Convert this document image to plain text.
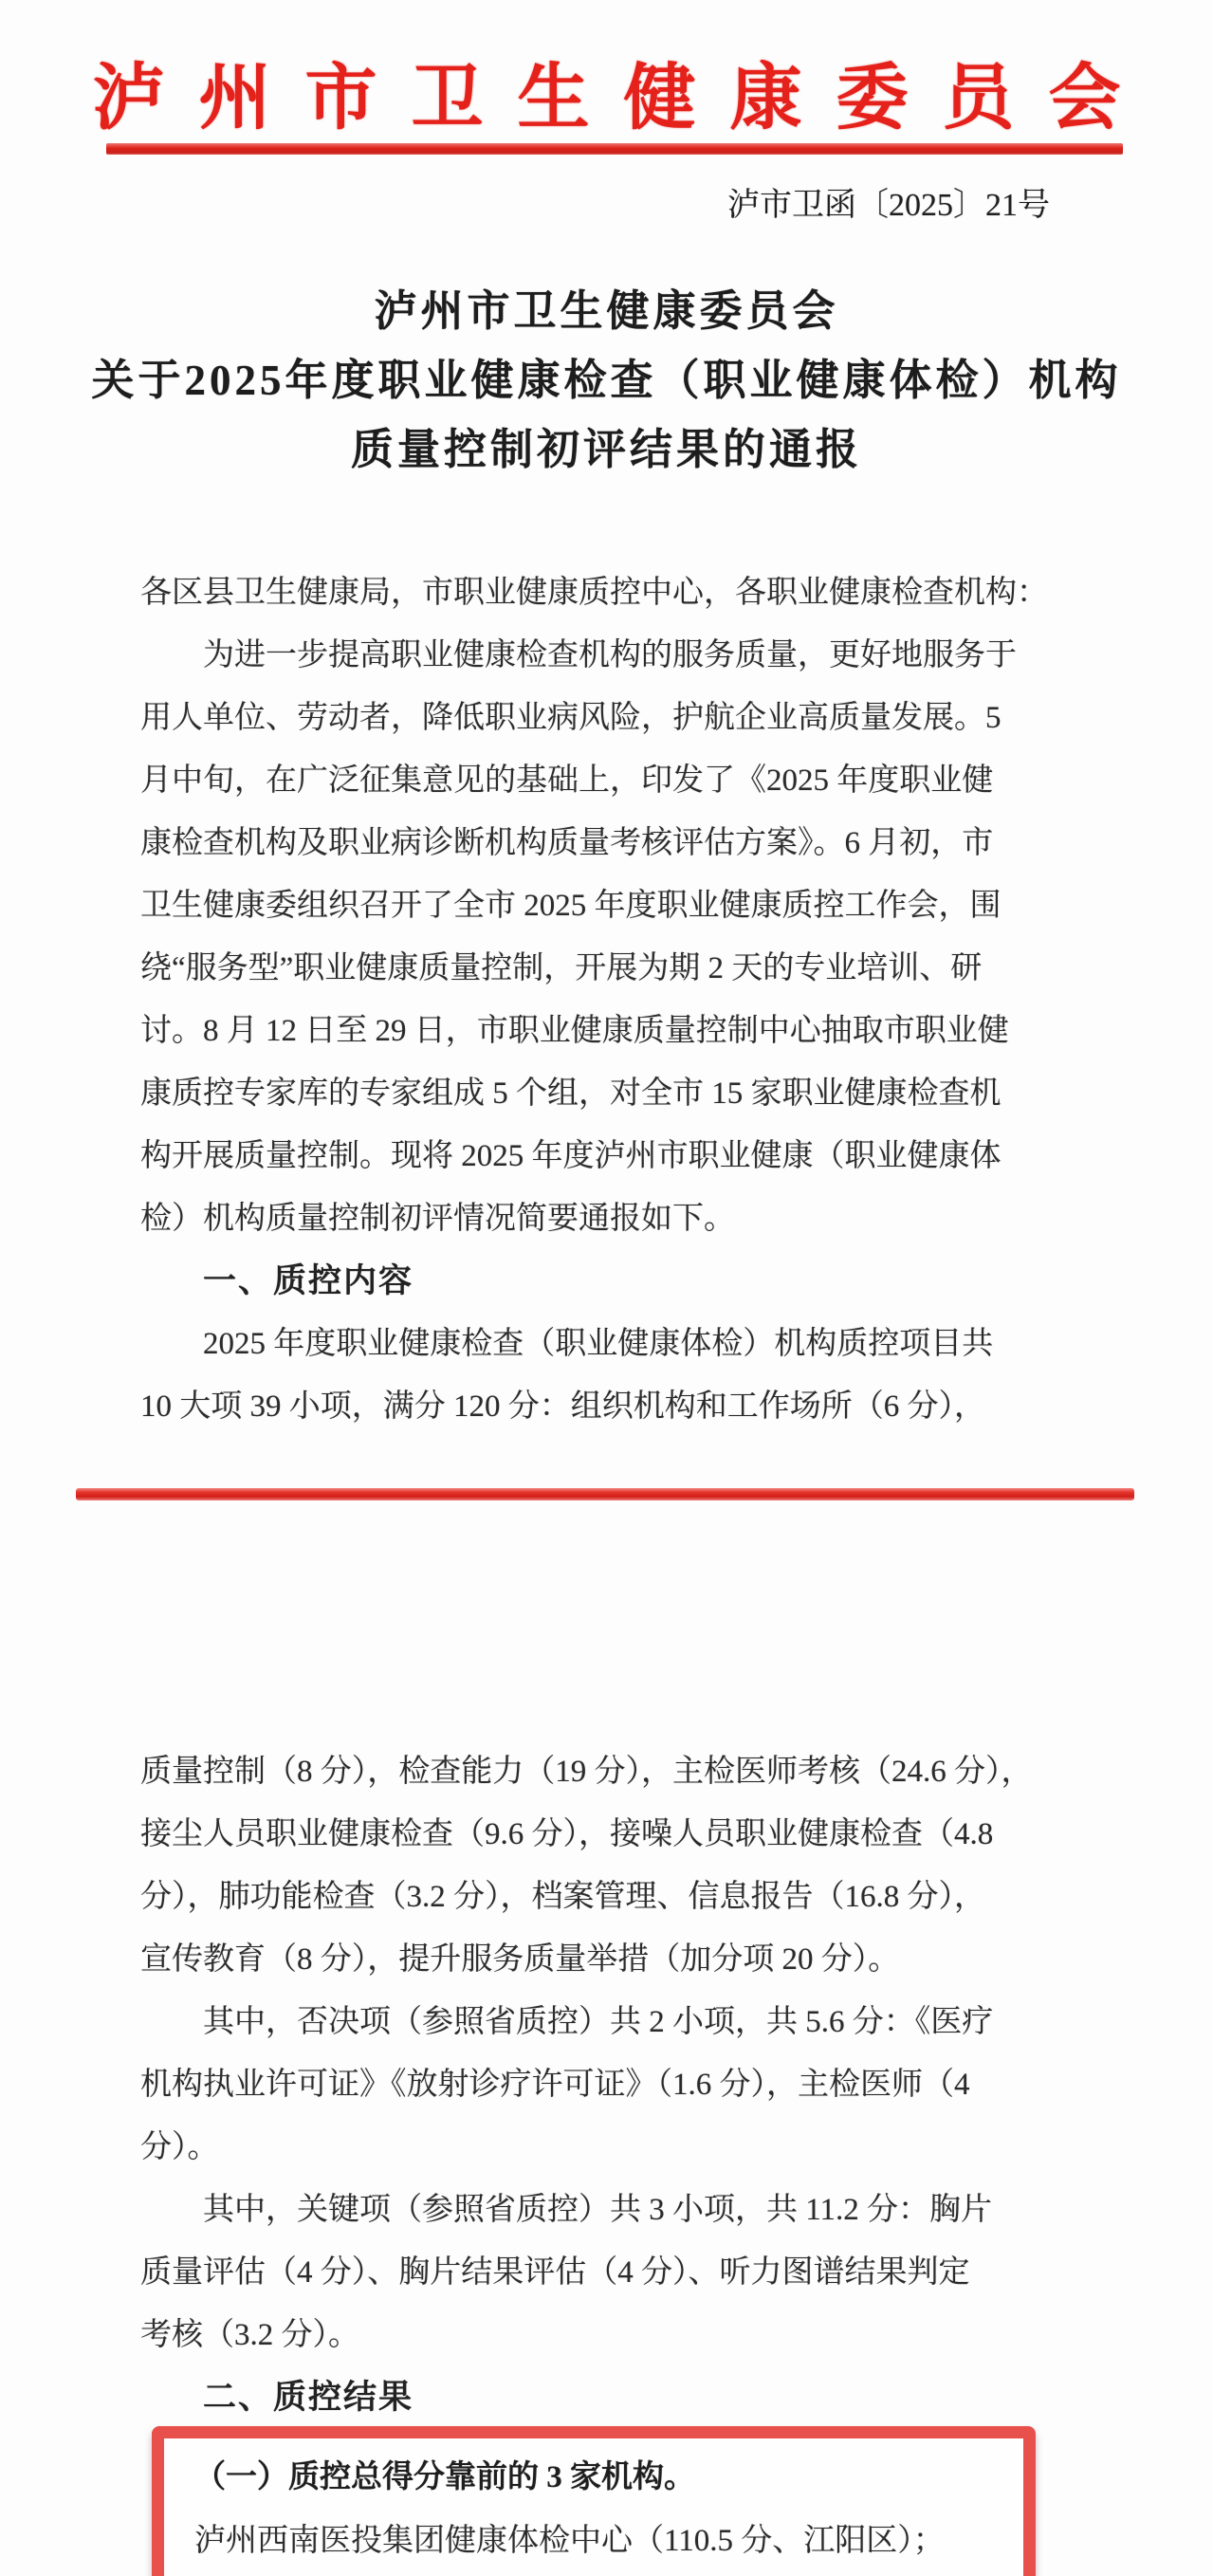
泸州市卫生健康委员会
泸市卫函〔2025〕21号
泸州市卫生健康委员会
关于2025年度职业健康检查（职业健康体检）机构
质量控制初评结果的通报
各区县卫生健康局，市职业健康质控中心，各职业健康检查机构：
为进一步提高职业健康检查机构的服务质量，更好地服务于
用人单位、劳动者，降低职业病风险，护航企业高质量发展。5
月中旬，在广泛征集意见的基础上，印发了《2025 年度职业健
康检查机构及职业病诊断机构质量考核评估方案》。6 月初，市
卫生健康委组织召开了全市 2025 年度职业健康质控工作会，围
绕“服务型”职业健康质量控制，开展为期 2 天的专业培训、研
讨。8 月 12 日至 29 日，市职业健康质量控制中心抽取市职业健
康质控专家库的专家组成 5 个组，对全市 15 家职业健康检查机
构开展质量控制。现将 2025 年度泸州市职业健康（职业健康体
检）机构质量控制初评情况简要通报如下。
一、质控内容
2025 年度职业健康检查（职业健康体检）机构质控项目共
10 大项 39 小项，满分 120 分：组织机构和工作场所（6 分），
质量控制（8 分），检查能力（19 分），主检医师考核（24.6 分），
接尘人员职业健康检查（9.6 分），接噪人员职业健康检查（4.8
分），肺功能检查（3.2 分），档案管理、信息报告（16.8 分），
宣传教育（8 分），提升服务质量举措（加分项 20 分）。
其中，否决项（参照省质控）共 2 小项，共 5.6 分：《医疗
机构执业许可证》《放射诊疗许可证》（1.6 分），主检医师（4
分）。
其中，关键项（参照省质控）共 3 小项，共 11.2 分：胸片
质量评估（4 分）、胸片结果评估（4 分）、听力图谱结果判定
考核（3.2 分）。
二、质控结果
（一）质控总得分靠前的 3 家机构。
泸州西南医投集团健康体检中心（110.5 分、江阳区）；
